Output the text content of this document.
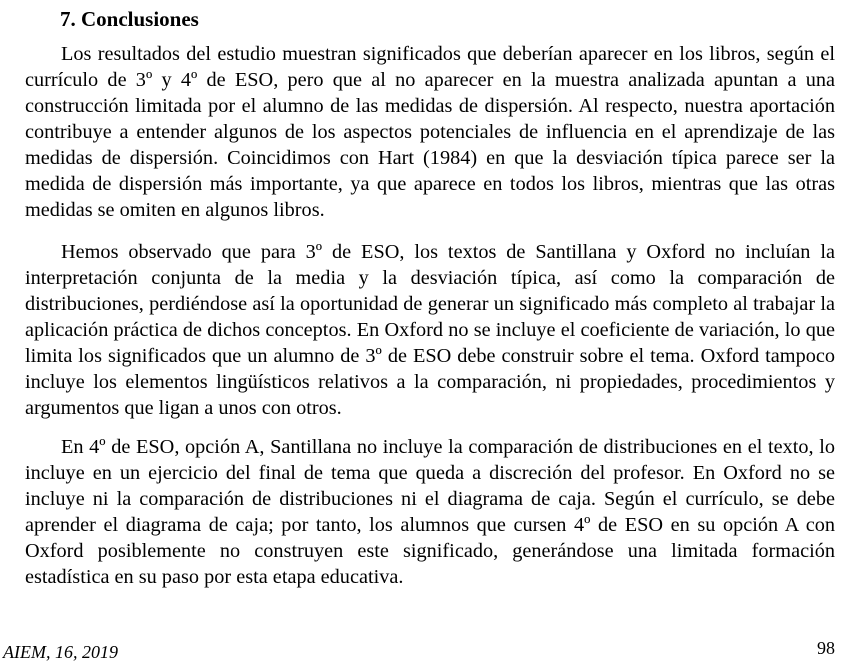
7. Conclusiones

Los resultados del estudio muestran significados que deberían aparecer en los libros, según el currículo de 3º y 4º de ESO, pero que al no aparecer en la muestra analizada apuntan a una construcción limitada por el alumno de las medidas de dispersión. Al respecto, nuestra aportación contribuye a entender algunos de los aspectos potenciales de influencia en el aprendizaje de las medidas de dispersión. Coincidimos con Hart (1984) en que la desviación típica parece ser la medida de dispersión más importante, ya que aparece en todos los libros, mientras que las otras medidas se omiten en algunos libros.

Hemos observado que para 3º de ESO, los textos de Santillana y Oxford no incluían la interpretación conjunta de la media y la desviación típica, así como la comparación de distribuciones, perdiéndose así la oportunidad de generar un significado más completo al trabajar la aplicación práctica de dichos conceptos. En Oxford no se incluye el coeficiente de variación, lo que limita los significados que un alumno de 3º de ESO debe construir sobre el tema. Oxford tampoco incluye los elementos lingüísticos relativos a la comparación, ni propiedades, procedimientos y argumentos que ligan a unos con otros.

En 4º de ESO, opción A, Santillana no incluye la comparación de distribuciones en el texto, lo incluye en un ejercicio del final de tema que queda a discreción del profesor. En Oxford no se incluye ni la comparación de distribuciones ni el diagrama de caja. Según el currículo, se debe aprender el diagrama de caja; por tanto, los alumnos que cursen 4º de ESO en su opción A con Oxford posiblemente no construyen este significado, generándose una limitada formación estadística en su paso por esta etapa educativa.

AIEM, 16, 2019	98
